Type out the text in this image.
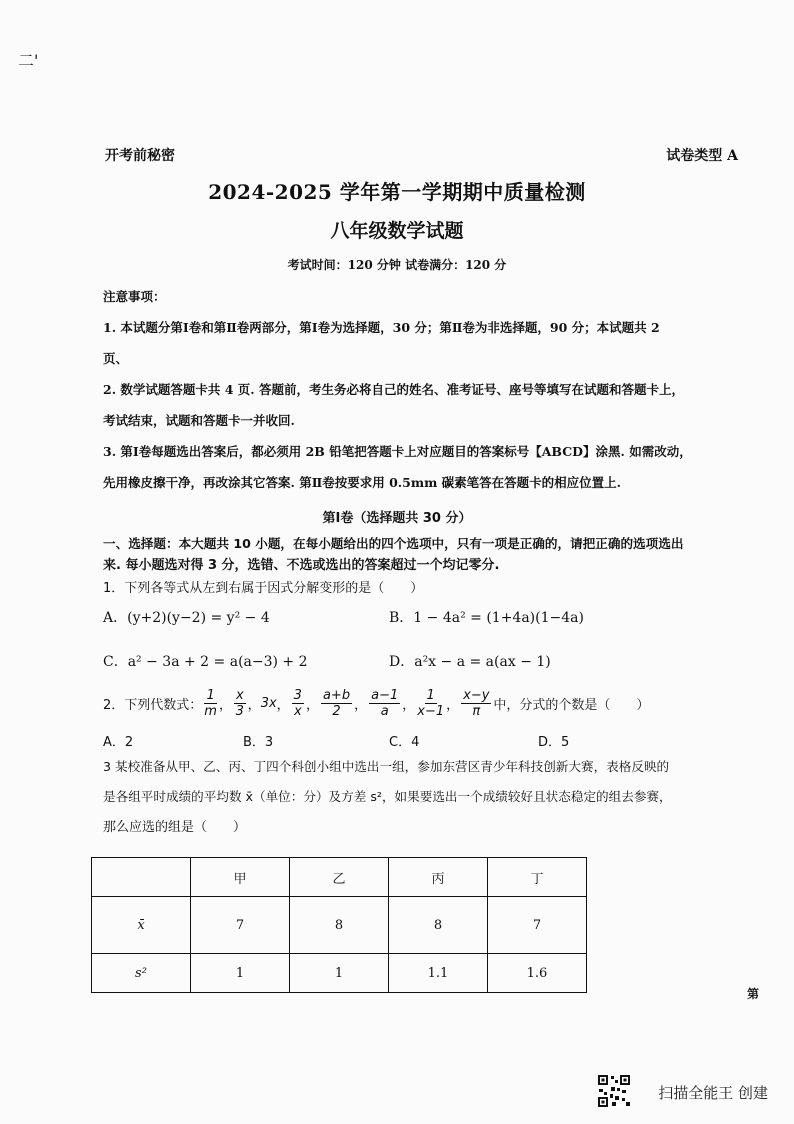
二'
开考前秘密	试卷类型 A
2024-2025 学年第一学期期中质量检测
八年级数学试题
考试时间：120 分钟 试卷满分：120 分
注意事项：
1. 本试题分第Ⅰ卷和第Ⅱ卷两部分，第Ⅰ卷为选择题，30 分；第Ⅱ卷为非选择题，90 分；本试题共 2
页、
2. 数学试题答题卡共 4 页. 答题前，考生务必将自己的姓名、准考证号、座号等填写在试题和答题卡上，
考试结束，试题和答题卡一并收回.
3. 第Ⅰ卷每题选出答案后，都必须用 2B 铅笔把答题卡上对应题目的答案标号【ABCD】涂黑. 如需改动，
先用橡皮擦干净，再改涂其它答案. 第Ⅱ卷按要求用 0.5mm 碳素笔答在答题卡的相应位置上.
第Ⅰ卷（选择题共 30 分）
一、选择题：本大题共 10 小题，在每小题给出的四个选项中，只有一项是正确的，请把正确的选项选出
来. 每小题选对得 3 分，选错、不选或选出的答案超过一个均记零分.
1．下列各等式从左到右属于因式分解变形的是（　　）
A．(y+2)(y−2) = y² − 4	B．1 − 4a² = (1+4a)(1−4a)
C．a² − 3a + 2 = a(a−3) + 2	D．a²x − a = a(ax − 1)
2．下列代数式： $\frac{1}{m}$ ， $\frac{x}{3}$ ， 3x ， $\frac{3}{x}$ ， $\frac{a+b}{2}$ ， $\frac{a-1}{a}$ ， $\frac{1}{x-1}$ ， $\frac{x-y}{\pi}$ 中，分式的个数是（　　）
A．2	B．3	C．4	D．5
3 某校准备从甲、乙、丙、丁四个科创小组中选出一组，参加东营区青少年科技创新大赛，表格反映的
是各组平时成绩的平均数 x̄（单位：分）及方差 s²，如果要选出一个成绩较好且状态稳定的组去参赛，
那么应选的组是（　　）
	甲	乙	丙	丁
x̄	7	8	8	7
s²	1	1	1.1	1.6
第
扫描全能王 创建
